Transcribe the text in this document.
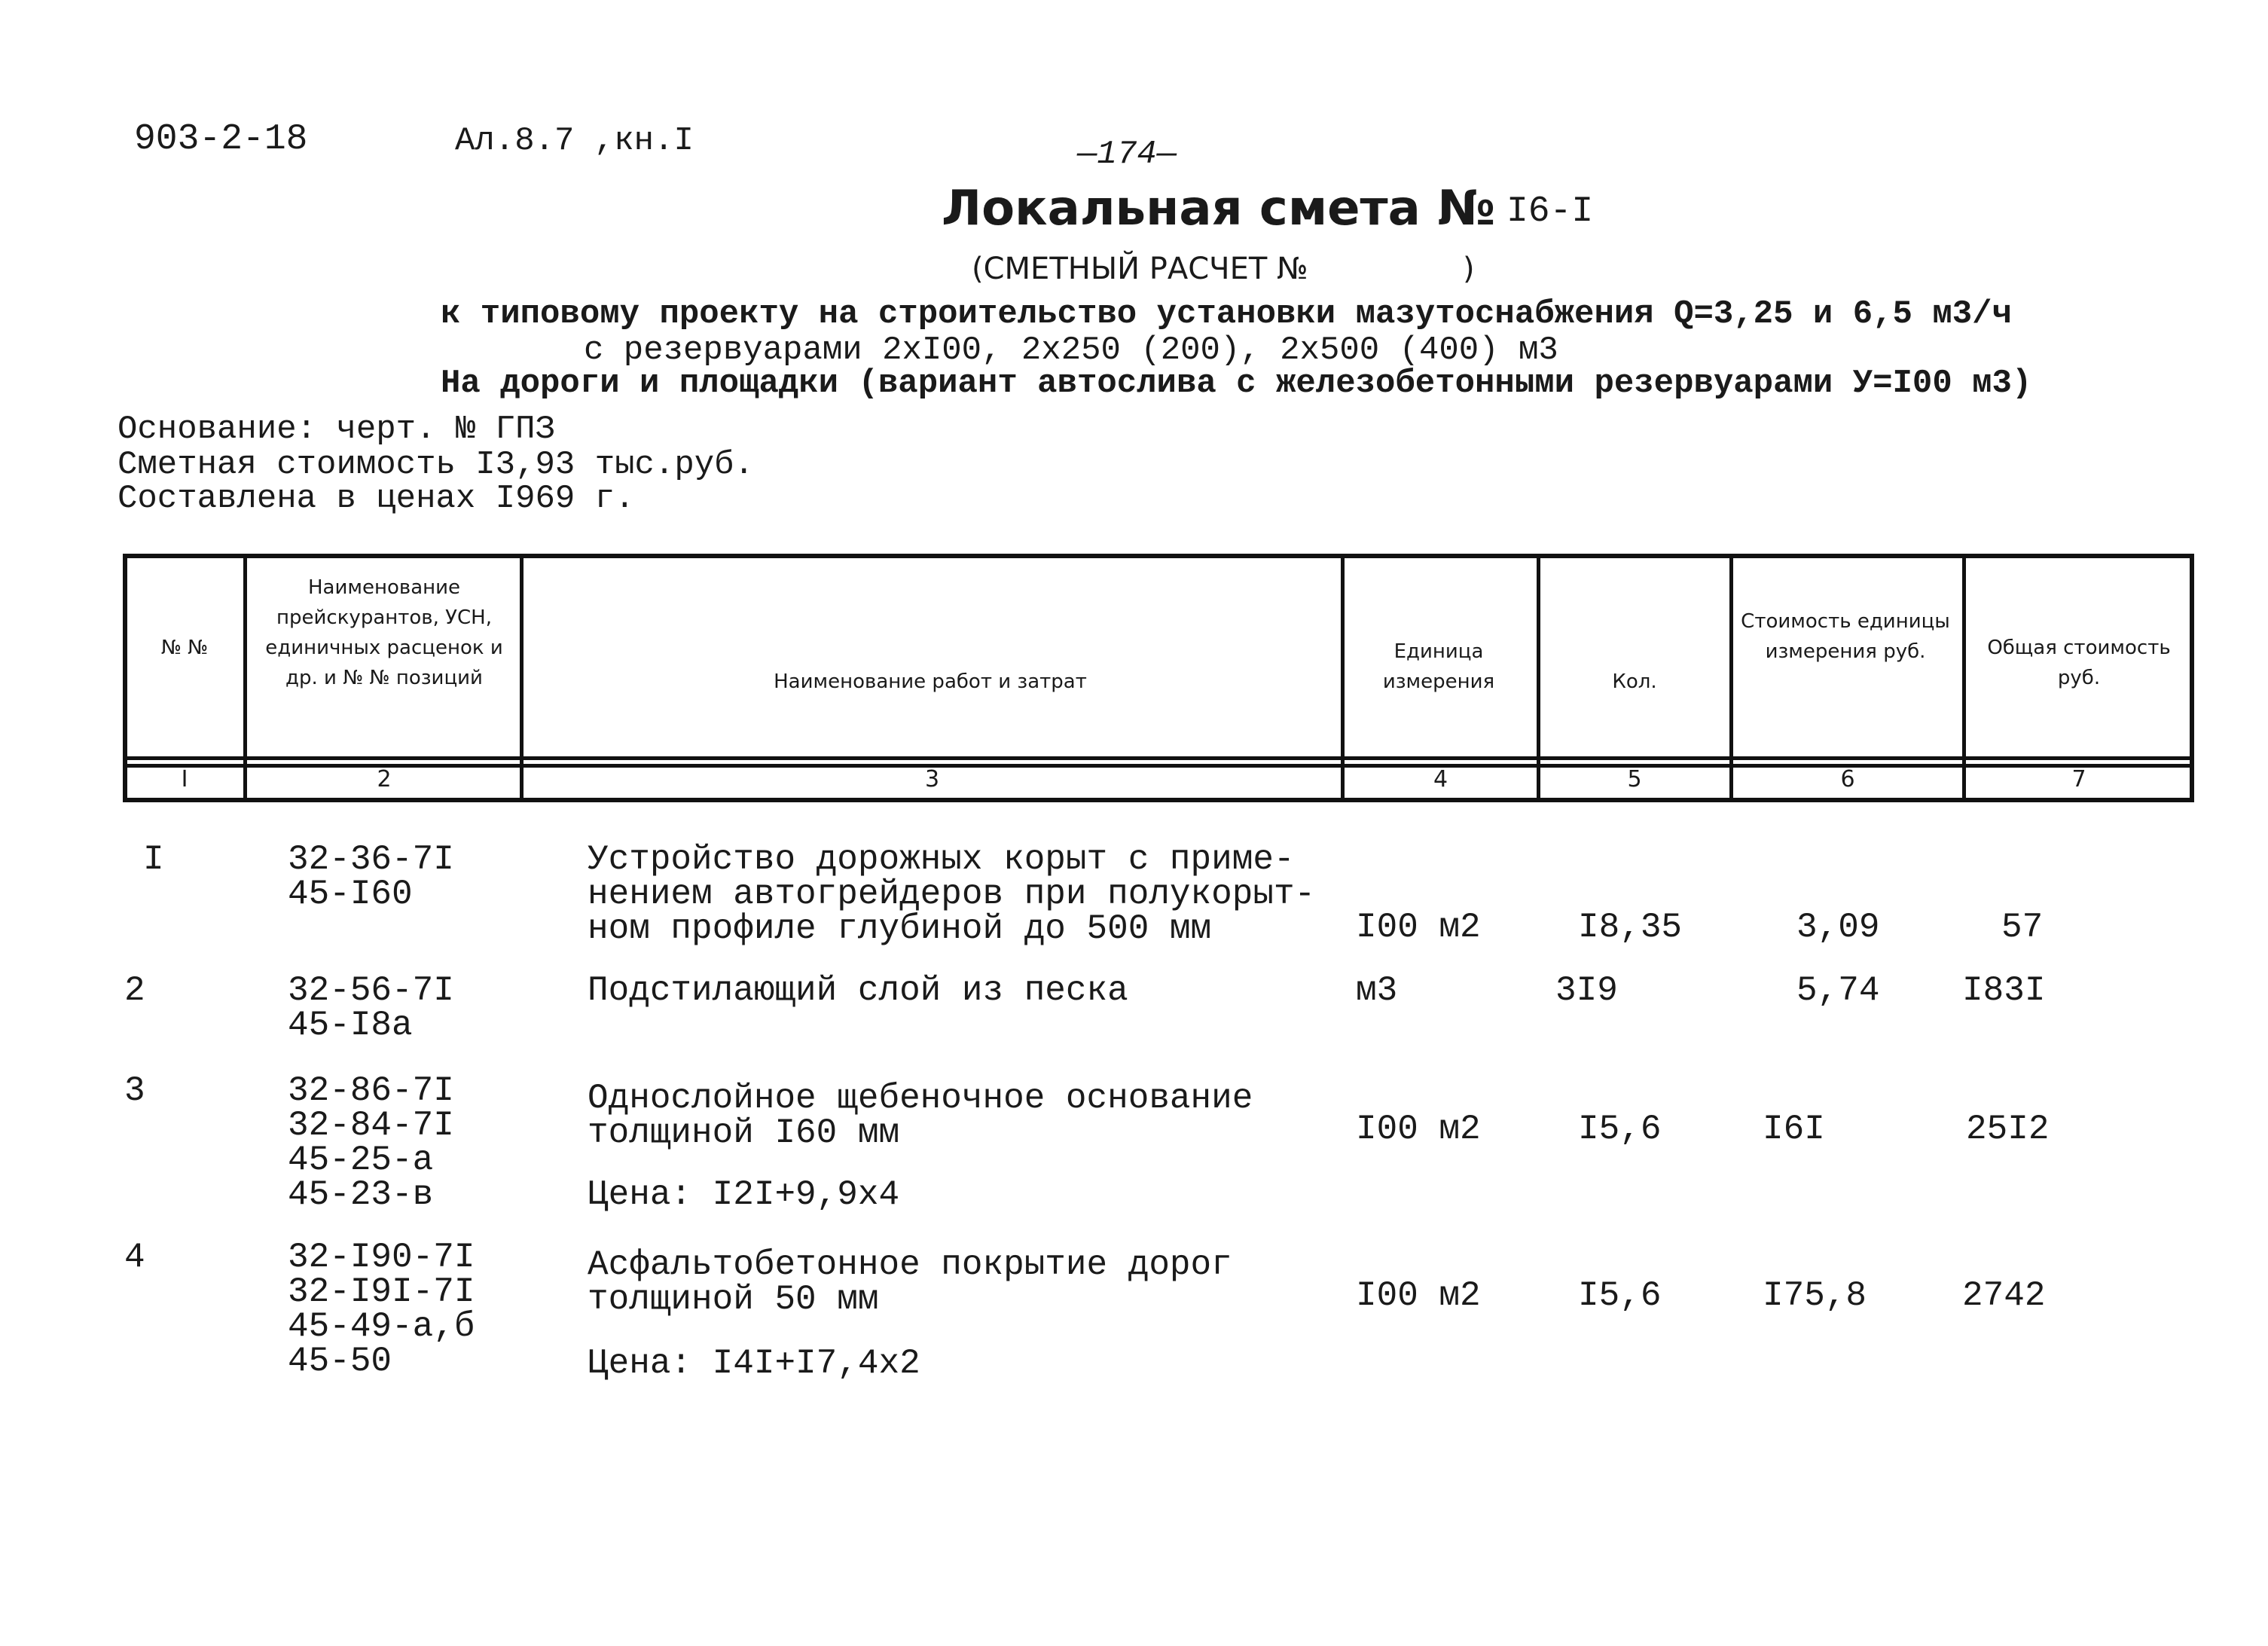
903-2-18	Ал.8.7 ,кн.I	—174—
Локальная смета № I6-I
(СМЕТНЫЙ РАСЧЕТ №	)
к типовому проекту на строительство установки мазутоснабжения Q=3,25 и 6,5 м3/ч
с резервуарами 2хI00, 2х250 (200), 2х500 (400) м3
На дороги и площадки (вариант автослива с железобетонными резервуарами У=I00 м3)
Основание: черт. № ГПЗ
Сметная стоимость I3,93 тыс.руб.
Составлена в ценах I969 г.
№ №
Наименование прейскурантов, УСН, единичных расценок и др. и № № позиций	Наименование работ и затрат
Единица измерения	Кол.
Стоимость единицы измерения руб.	Общая стоимость руб.
I	2	3	4	5	6	7
I	32-36-7I
45-I60
Устройство дорожных корыт с приме-
нением автогрейдеров при полукорыт-
ном профиле глубиной до 500 мм	I00 м2	I8,35	3,09	57
2	32-56-7I
45-I8а
Подстилающий слой из песка	м3	3I9	5,74 I83I
3	32-86-7I
32-84-7I
45-25-а
45-23-в
Однослойное щебеночное основание
толщиной I60 мм
Цена: I2I+9,9х4
I00 м2	I5,6	I6I	25I2
4	32-I90-7I
32-I9I-7I
45-49-а,б
45-50
Асфальтобетонное покрытие дорог
толщиной 50 мм
Цена: I4I+I7,4х2
I00 м2	I5,6	I75,8	2742
